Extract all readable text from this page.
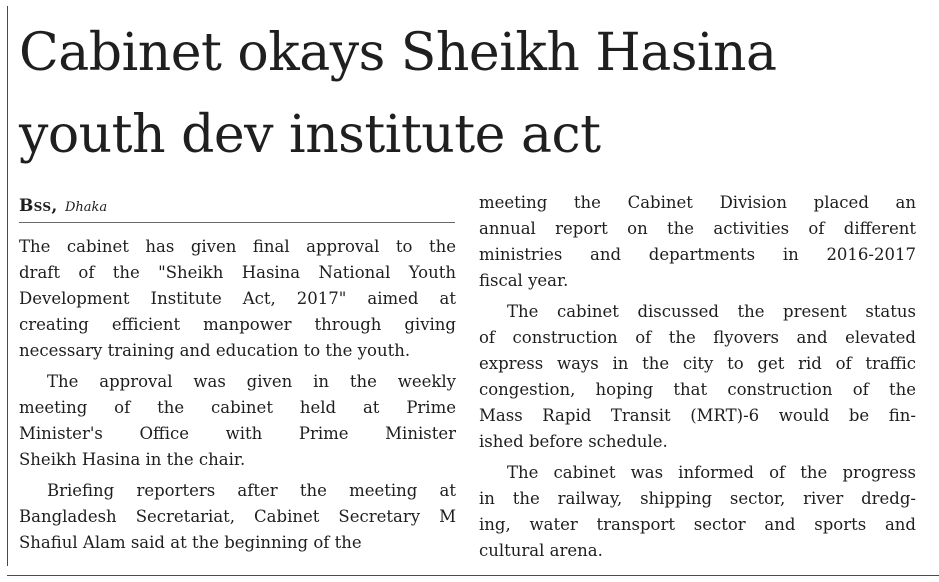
Cabinet okays Sheikh Hasina
youth dev institute act
Bss, Dhaka
The cabinet has given final approval to the
draft of the "Sheikh Hasina National Youth
Development Institute Act, 2017" aimed at
creating efficient manpower through giving
necessary training and education to the youth.
The approval was given in the weekly
meeting of the cabinet held at Prime
Minister's Office with Prime Minister
Sheikh Hasina in the chair.
Briefing reporters after the meeting at
Bangladesh Secretariat, Cabinet Secretary M
Shafiul Alam said at the beginning of the
meeting the Cabinet Division placed an
annual report on the activities of different
ministries and departments in 2016-2017
fiscal year.
The cabinet discussed the present status
of construction of the flyovers and elevated
express ways in the city to get rid of traffic
congestion, hoping that construction of the
Mass Rapid Transit (MRT)-6 would be fin-
ished before schedule.
The cabinet was informed of the progress
in the railway, shipping sector, river dredg-
ing, water transport sector and sports and
cultural arena.
